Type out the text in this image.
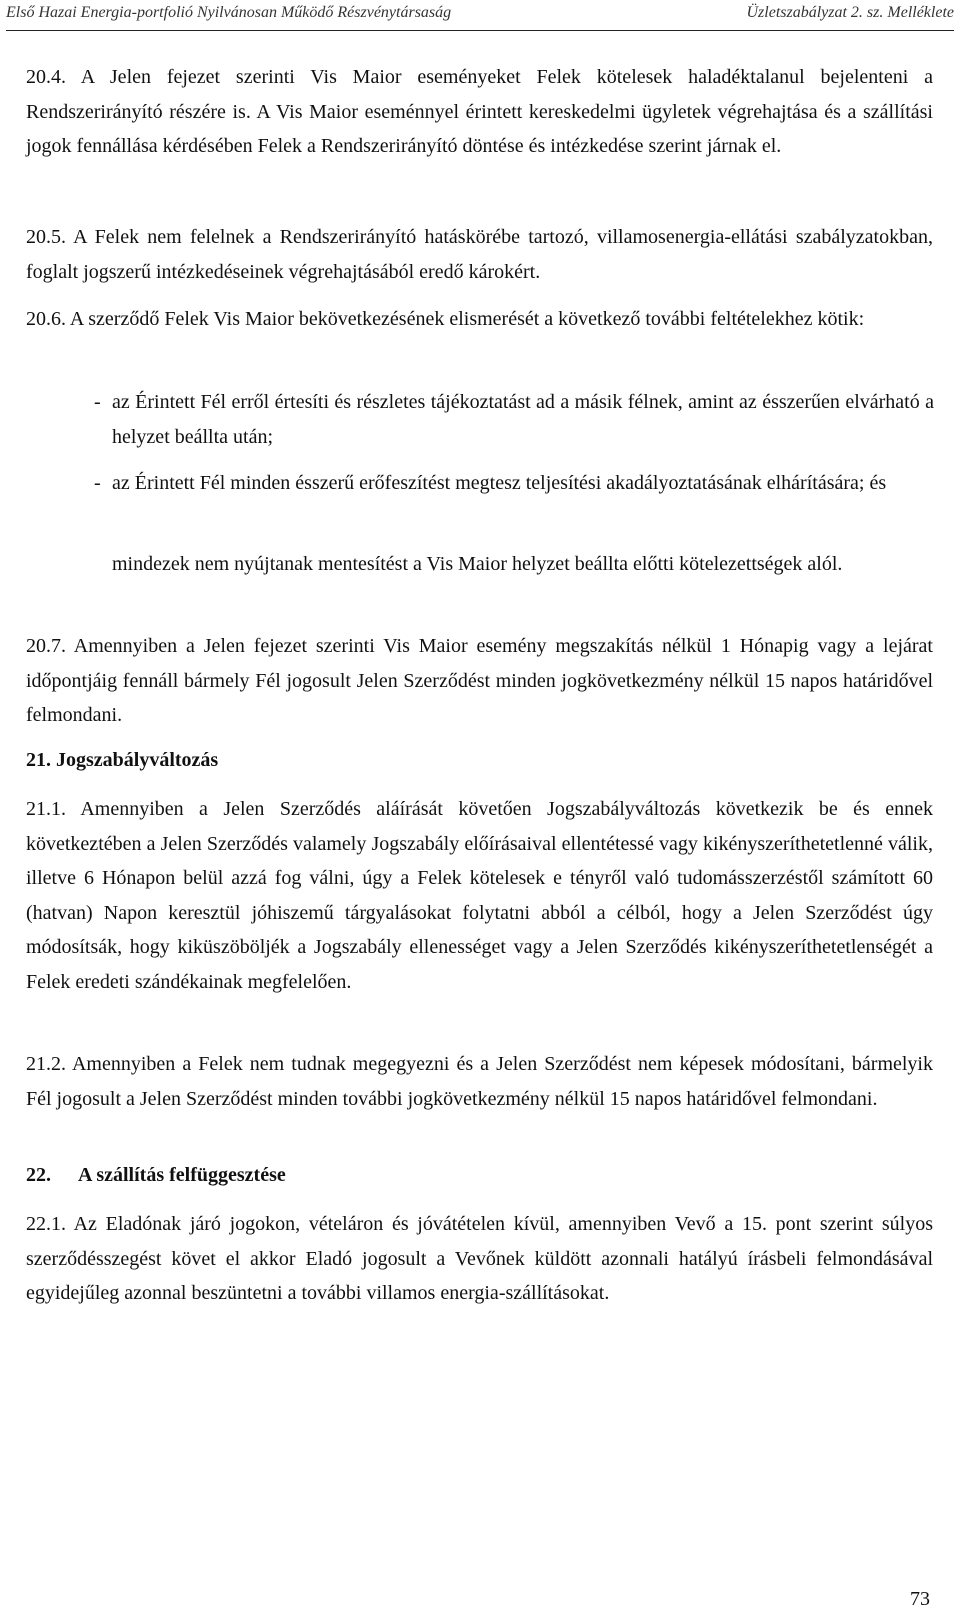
Első Hazai Energia-portfolió Nyilvánosan Működő Részvénytársaság	Üzletszabályzat 2. sz. Melléklete

20.4. A Jelen fejezet szerinti Vis Maior eseményeket Felek kötelesek haladéktalanul bejelenteni a Rendszerirányító részére is. A Vis Maior eseménnyel érintett kereskedelmi ügyletek végrehajtása és a szállítási jogok fennállása kérdésében Felek a Rendszerirányító döntése és intézkedése szerint járnak el.

20.5. A Felek nem felelnek a Rendszerirányító hatáskörébe tartozó, villamosenergia-ellátási szabályzatokban, foglalt jogszerű intézkedéseinek végrehajtásából eredő károkért.

20.6. A szerződő Felek Vis Maior bekövetkezésének elismerését a következő további feltételekhez kötik:

- az Érintett Fél erről értesíti és részletes tájékoztatást ad a másik félnek, amint az ésszerűen elvárható a helyzet beállta után;
- az Érintett Fél minden ésszerű erőfeszítést megtesz teljesítési akadályoztatásának elhárítására; és
mindezek nem nyújtanak mentesítést a Vis Maior helyzet beállta előtti kötelezettségek alól.

20.7. Amennyiben a Jelen fejezet szerinti Vis Maior esemény megszakítás nélkül 1 Hónapig vagy a lejárat időpontjáig fennáll bármely Fél jogosult Jelen Szerződést minden jogkövetkezmény nélkül 15 napos határidővel felmondani.

21. Jogszabályváltozás

21.1. Amennyiben a Jelen Szerződés aláírását követően Jogszabályváltozás következik be és ennek következtében a Jelen Szerződés valamely Jogszabály előírásaival ellentétessé vagy kikényszeríthetetlenné válik, illetve 6 Hónapon belül azzá fog válni, úgy a Felek kötelesek e tényről való tudomásszerzéstől számított 60 (hatvan) Napon keresztül jóhiszemű tárgyalásokat folytatni abból a célból, hogy a Jelen Szerződést úgy módosítsák, hogy kiküszöböljék a Jogszabály ellenességet vagy a Jelen Szerződés kikényszeríthetetlenségét a Felek eredeti szándékainak megfelelően.

21.2. Amennyiben a Felek nem tudnak megegyezni és a Jelen Szerződést nem képesek módosítani, bármelyik Fél jogosult a Jelen Szerződést minden további jogkövetkezmény nélkül 15 napos határidővel felmondani.

22. A szállítás felfüggesztése

22.1. Az Eladónak járó jogokon, vételáron és jóvátételen kívül, amennyiben Vevő a 15. pont szerint súlyos szerződésszegést követ el akkor Eladó jogosult a Vevőnek küldött azonnali hatályú írásbeli felmondásával egyidejűleg azonnal beszüntetni a további villamos energia-szállításokat.

73
